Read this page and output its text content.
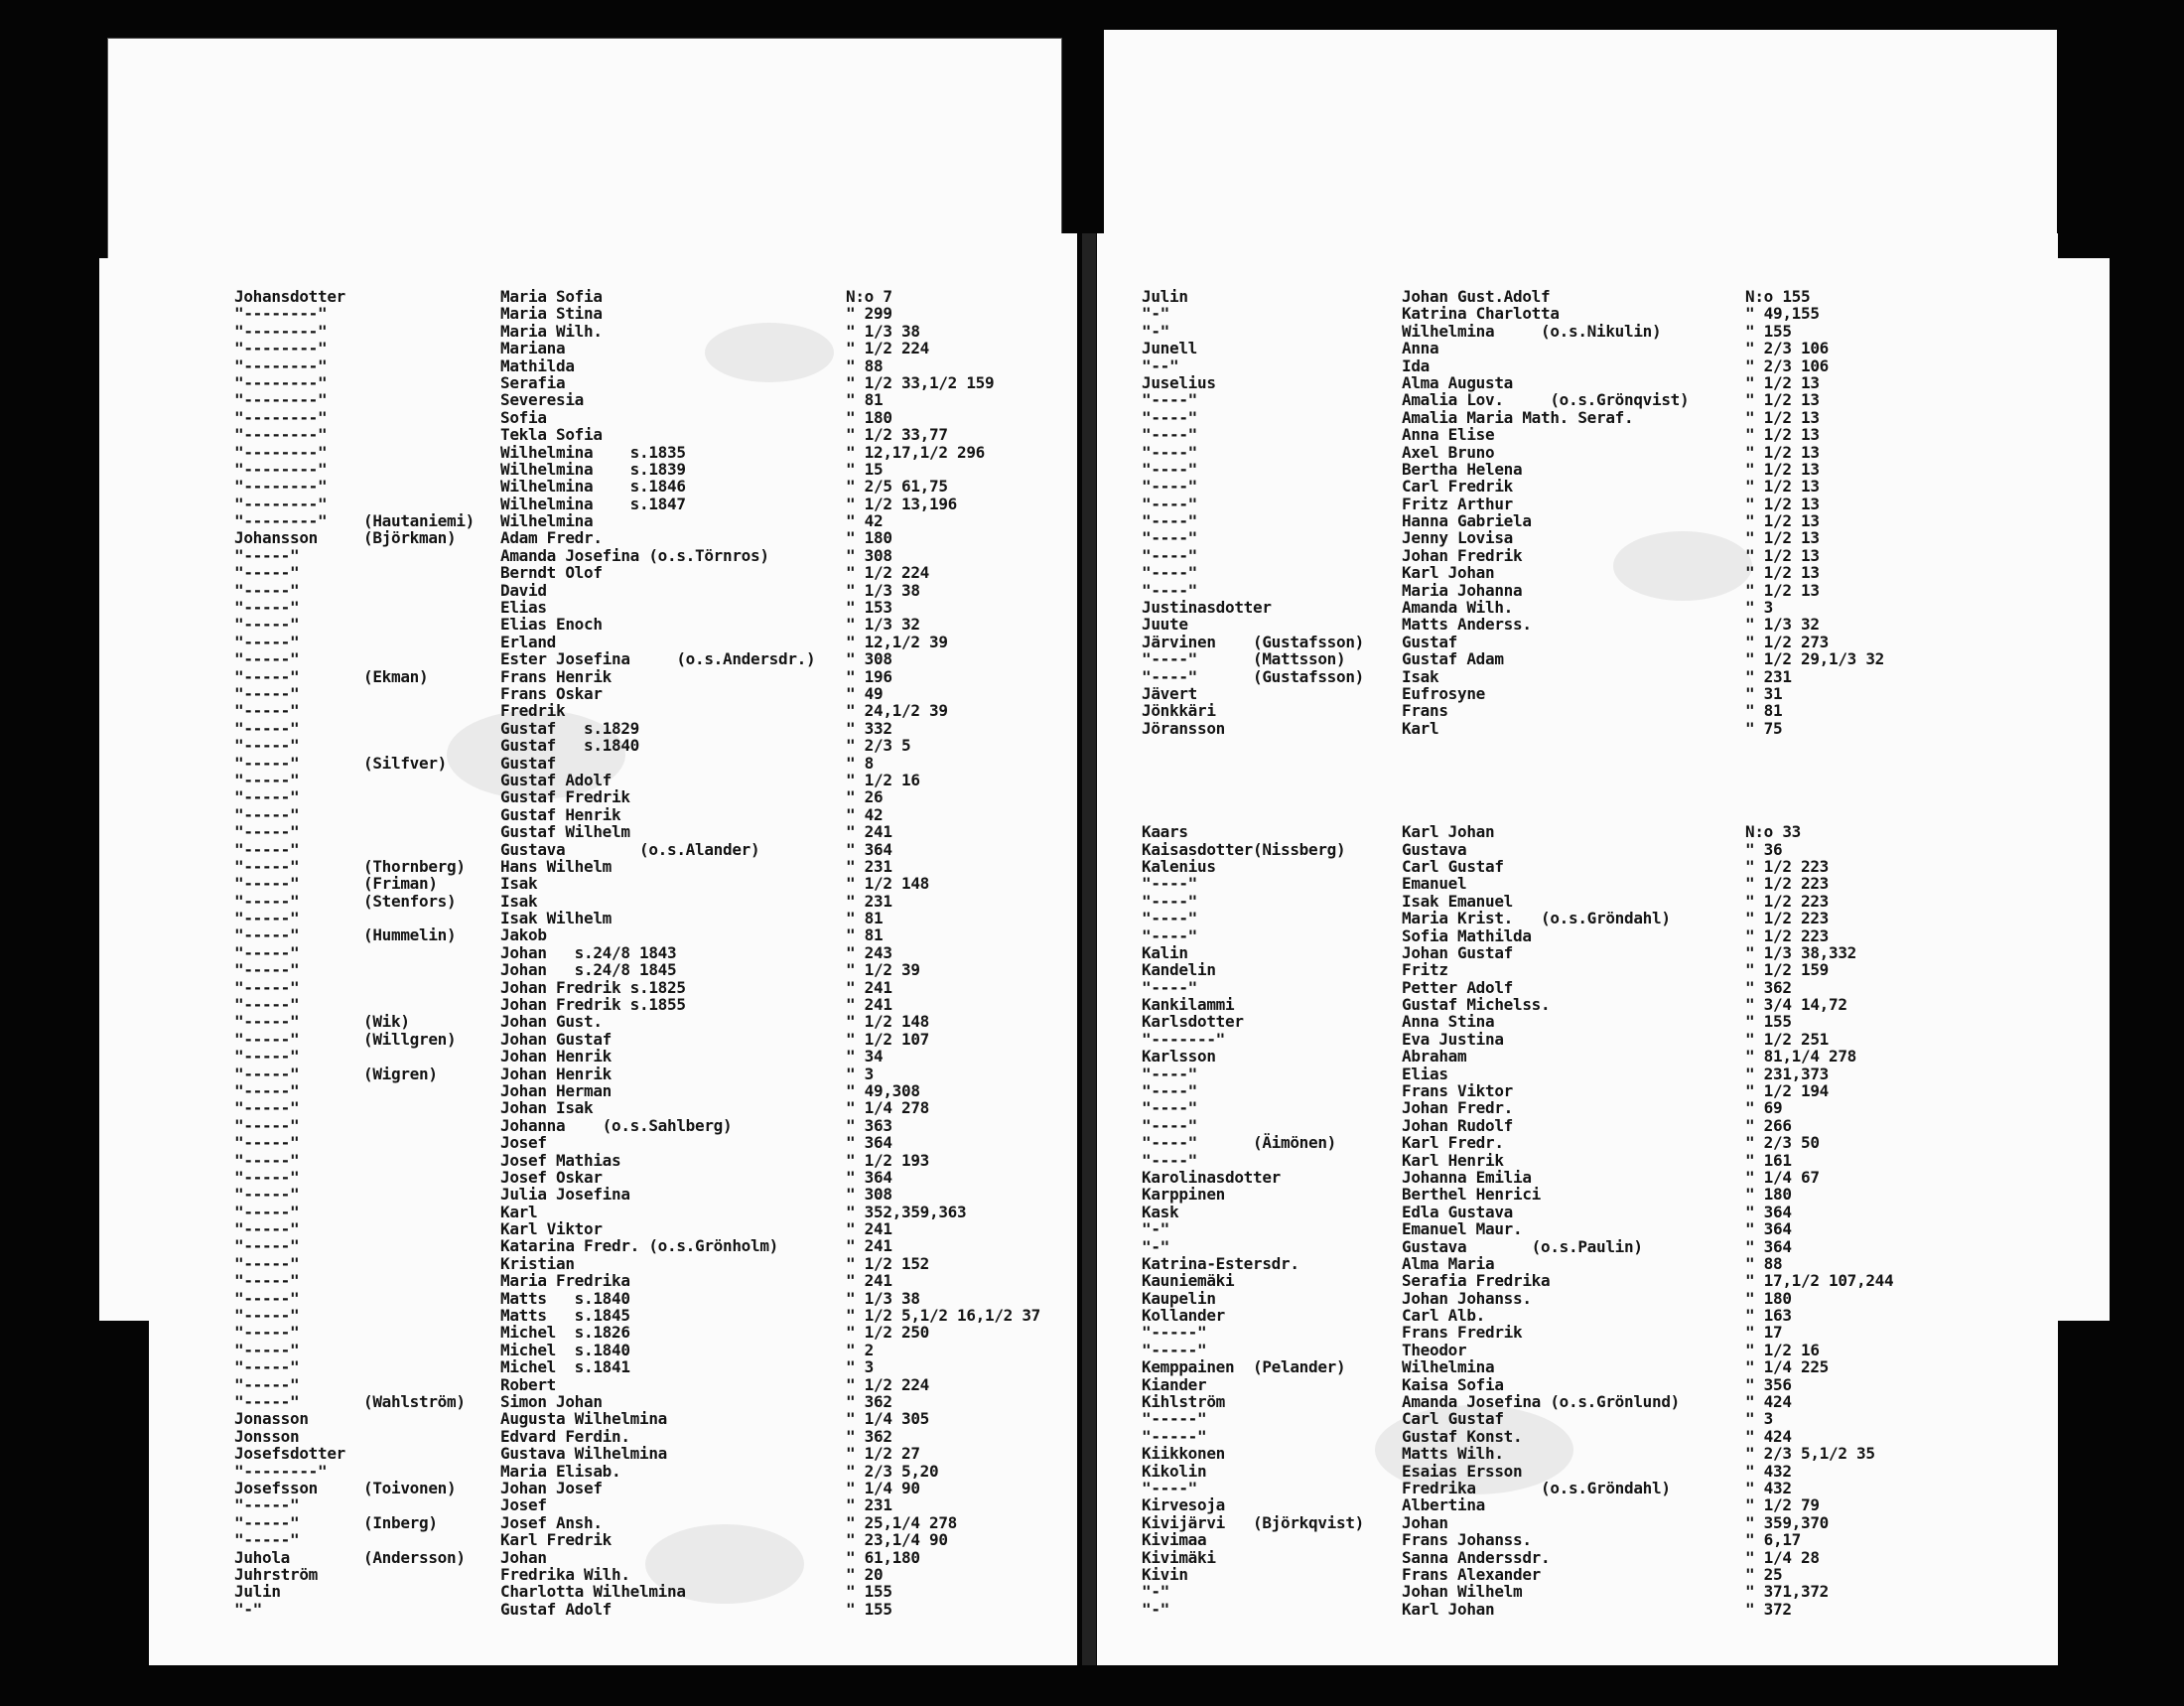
Johansdotter	Maria Sofia	N:o 7
"--------"	Maria Stina	" 299
"--------"	Maria Wilh.	" 1/3 38
"--------"	Mariana	" 1/2 224
"--------"	Mathilda	" 88
"--------"	Serafia	" 1/2 33,1/2 159
"--------"	Severesia	" 81
"--------"	Sofia	" 180
"--------"	Tekla Sofia	" 1/2 33,77
"--------"	Wilhelmina    s.1835	" 12,17,1/2 296
"--------"	Wilhelmina    s.1839	" 15
"--------"	Wilhelmina    s.1846	" 2/5 61,75
"--------"	Wilhelmina    s.1847	" 1/2 13,196
"--------" (Hautaniemi) Wilhelmina	" 42
Johansson	(Björkman)	Adam Fredr.	" 180
"-----"	Amanda Josefina (o.s.Törnros)	" 308
"-----"	Berndt Olof	" 1/2 224
"-----"	David	" 1/3 38
"-----"	Elias	" 153
"-----"	Elias Enoch	" 1/3 32
"-----"	Erland	" 12,1/2 39
"-----"	Ester Josefina     (o.s.Andersdr.) " 308
"-----"	(Ekman)	Frans Henrik	" 196
"-----"	Frans Oskar	" 49
"-----"	Fredrik	" 24,1/2 39
"-----"	Gustaf   s.1829	" 332
"-----"	Gustaf   s.1840	" 2/3 5
"-----"	(Silfver)	Gustaf	" 8
"-----"	Gustaf Adolf	" 1/2 16
"-----"	Gustaf Fredrik	" 26
"-----"	Gustaf Henrik	" 42
"-----"	Gustaf Wilhelm	" 241
"-----"	Gustava        (o.s.Alander)	" 364
"-----"	(Thornberg) Hans Wilhelm	" 231
"-----"	(Friman)	Isak	" 1/2 148
"-----"	(Stenfors)	Isak	" 231
"-----"	Isak Wilhelm	" 81
"-----"	(Hummelin)	Jakob	" 81
"-----"	Johan   s.24/8 1843	" 243
"-----"	Johan   s.24/8 1845	" 1/2 39
"-----"	Johan Fredrik s.1825	" 241
"-----"	Johan Fredrik s.1855	" 241
"-----"	(Wik)	Johan Gust.	" 1/2 148
"-----"	(Willgren)	Johan Gustaf	" 1/2 107
"-----"	Johan Henrik	" 34
"-----"	(Wigren)	Johan Henrik	" 3
"-----"	Johan Herman	" 49,308
"-----"	Johan Isak	" 1/4 278
"-----"	Johanna    (o.s.Sahlberg)	" 363
"-----"	Josef	" 364
"-----"	Josef Mathias	" 1/2 193
"-----"	Josef Oskar	" 364
"-----"	Julia Josefina	" 308
"-----"	Karl	" 352,359,363
"-----"	Karl Viktor	" 241
"-----"	Katarina Fredr. (o.s.Grönholm)	" 241
"-----"	Kristian	" 1/2 152
"-----"	Maria Fredrika	" 241
"-----"	Matts   s.1840	" 1/3 38
"-----"	Matts   s.1845	" 1/2 5,1/2 16,1/2 37
"-----"	Michel  s.1826	" 1/2 250
"-----"	Michel  s.1840	" 2
"-----"	Michel  s.1841	" 3
"-----"	Robert	" 1/2 224
"-----"	(Wahlström) Simon Johan	" 362
Jonasson	Augusta Wilhelmina	" 1/4 305
Jonsson	Edvard Ferdin.	" 362
Josefsdotter	Gustava Wilhelmina	" 1/2 27
"--------"	Maria Elisab.	" 2/3 5,20
Josefsson	(Toivonen)	Johan Josef	" 1/4 90
"-----"	Josef	" 231
"-----"	(Inberg)	Josef Ansh.	" 25,1/4 278
"-----"	Karl Fredrik	" 23,1/4 90
Juhola	(Andersson) Johan	" 61,180
Juhrström	Fredrika Wilh.	" 20
Julin	Charlotta Wilhelmina	" 155
"-"	Gustaf Adolf	" 155
Julin	Johan Gust.Adolf	N:o 155
"-"	Katrina Charlotta	" 49,155
"-"	Wilhelmina     (o.s.Nikulin)	" 155
Junell	Anna	" 2/3 106
"--"	Ida	" 2/3 106
Juselius	Alma Augusta	" 1/2 13
"----"	Amalia Lov.     (o.s.Grönqvist)	" 1/2 13
"----"	Amalia Maria Math. Seraf.	" 1/2 13
"----"	Anna Elise	" 1/2 13
"----"	Axel Bruno	" 1/2 13
"----"	Bertha Helena	" 1/2 13
"----"	Carl Fredrik	" 1/2 13
"----"	Fritz Arthur	" 1/2 13
"----"	Hanna Gabriela	" 1/2 13
"----"	Jenny Lovisa	" 1/2 13
"----"	Johan Fredrik	" 1/2 13
"----"	Karl Johan	" 1/2 13
"----"	Maria Johanna	" 1/2 13
Justinasdotter	Amanda Wilh.	" 3
Juute	Matts Anderss.	" 1/3 32
Järvinen (Gustafsson) Gustaf	" 1/2 273
"----"	(Mattsson)	Gustaf Adam	" 1/2 29,1/3 32
"----"	(Gustafsson) Isak	" 231
Jävert	Eufrosyne	" 31
Jönkkäri	Frans	" 81
Jöransson	Karl	" 75
Kaars	Karl Johan	N:o 33
Kaisasdotter (Nissberg)	Gustava	" 36
Kalenius	Carl Gustaf	" 1/2 223
"----"	Emanuel	" 1/2 223
"----"	Isak Emanuel	" 1/2 223
"----"	Maria Krist.   (o.s.Gröndahl)	" 1/2 223
"----"	Sofia Mathilda	" 1/2 223
Kalin	Johan Gustaf	" 1/3 38,332
Kandelin	Fritz	" 1/2 159
"----"	Petter Adolf	" 362
Kankilammi	Gustaf Michelss.	" 3/4 14,72
Karlsdotter	Anna Stina	" 155
"-------"	Eva Justina	" 1/2 251
Karlsson	Abraham	" 81,1/4 278
"----"	Elias	" 231,373
"----"	Frans Viktor	" 1/2 194
"----"	Johan Fredr.	" 69
"----"	Johan Rudolf	" 266
"----"	(Äimönen)	Karl Fredr.	" 2/3 50
"----"	Karl Henrik	" 161
Karolinasdotter	Johanna Emilia	" 1/4 67
Karppinen	Berthel Henrici	" 180
Kask	Edla Gustava	" 364
"-"	Emanuel Maur.	" 364
"-"	Gustava       (o.s.Paulin)	" 364
Katrina-Estersdr.	Alma Maria	" 88
Kauniemäki	Serafia Fredrika	" 17,1/2 107,244
Kaupelin	Johan Johanss.	" 180
Kollander	Carl Alb.	" 163
"-----"	Frans Fredrik	" 17
"-----"	Theodor	" 1/2 16
Kemppainen (Pelander)	Wilhelmina	" 1/4 225
Kiander	Kaisa Sofia	" 356
Kihlström	Amanda Josefina (o.s.Grönlund)	" 424
"-----"	Carl Gustaf	" 3
"-----"	Gustaf Konst.	" 424
Kiikkonen	Matts Wilh.	" 2/3 5,1/2 35
Kikolin	Esaias Ersson	" 432
"----"	Fredrika       (o.s.Gröndahl)	" 432
Kirvesoja	Albertina	" 1/2 79
Kivijärvi (Björkqvist) Johan	" 359,370
Kivimaa	Frans Johanss.	" 6,17
Kivimäki	Sanna Anderssdr.	" 1/4 28
Kivin	Frans Alexander	" 25
"-"	Johan Wilhelm	" 371,372
"-"	Karl Johan	" 372
